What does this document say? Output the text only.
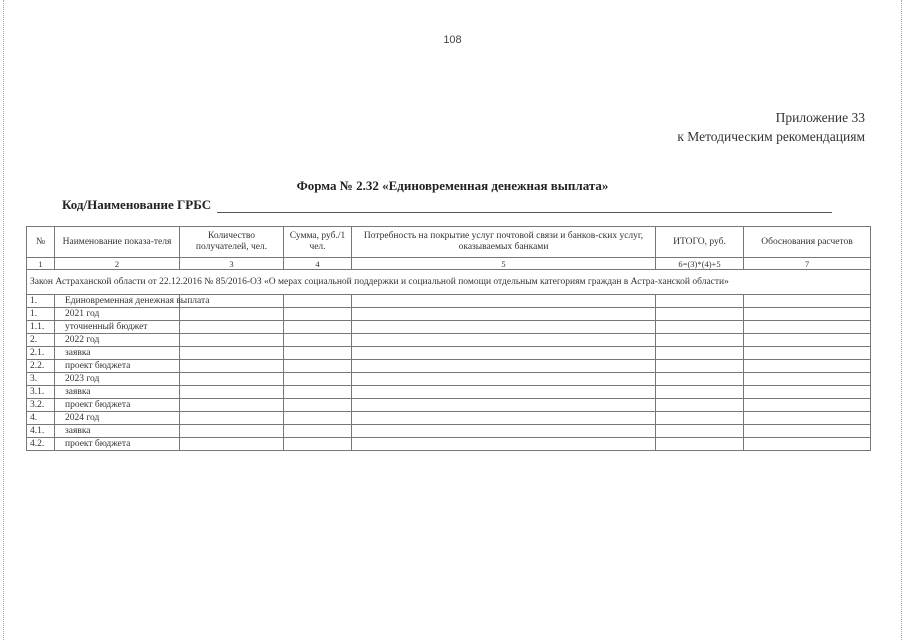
108
Приложение 33
к Методическим рекомендациям
Форма № 2.32 «Единовременная денежная выплата»
Код/Наименование ГРБС
№	Наименование показа-теля	Количество получателей, чел.	Сумма, руб./1 чел.	Потребность на покрытие услуг почтовой связи и банков-ских услуг, оказываемых банками	ИТОГО, руб.	Обоснования расчетов
1	2	3	4	5	6=(3)*(4)+5	7
Закон Астраханской области от 22.12.2016 № 85/2016-ОЗ «О мерах социальной поддержки и социальной помощи отдельным категориям граждан в Астра-ханской области»						
1.	Единовременная денежная выплата					
1.	2021 год					
1.1.	уточненный бюджет					
2.	2022 год					
2.1.	заявка					
2.2.	проект бюджета					
3.	2023 год					
3.1.	заявка					
3.2.	проект бюджета					
4.	2024 год					
4.1.	заявка					
4.2.	проект бюджета					
